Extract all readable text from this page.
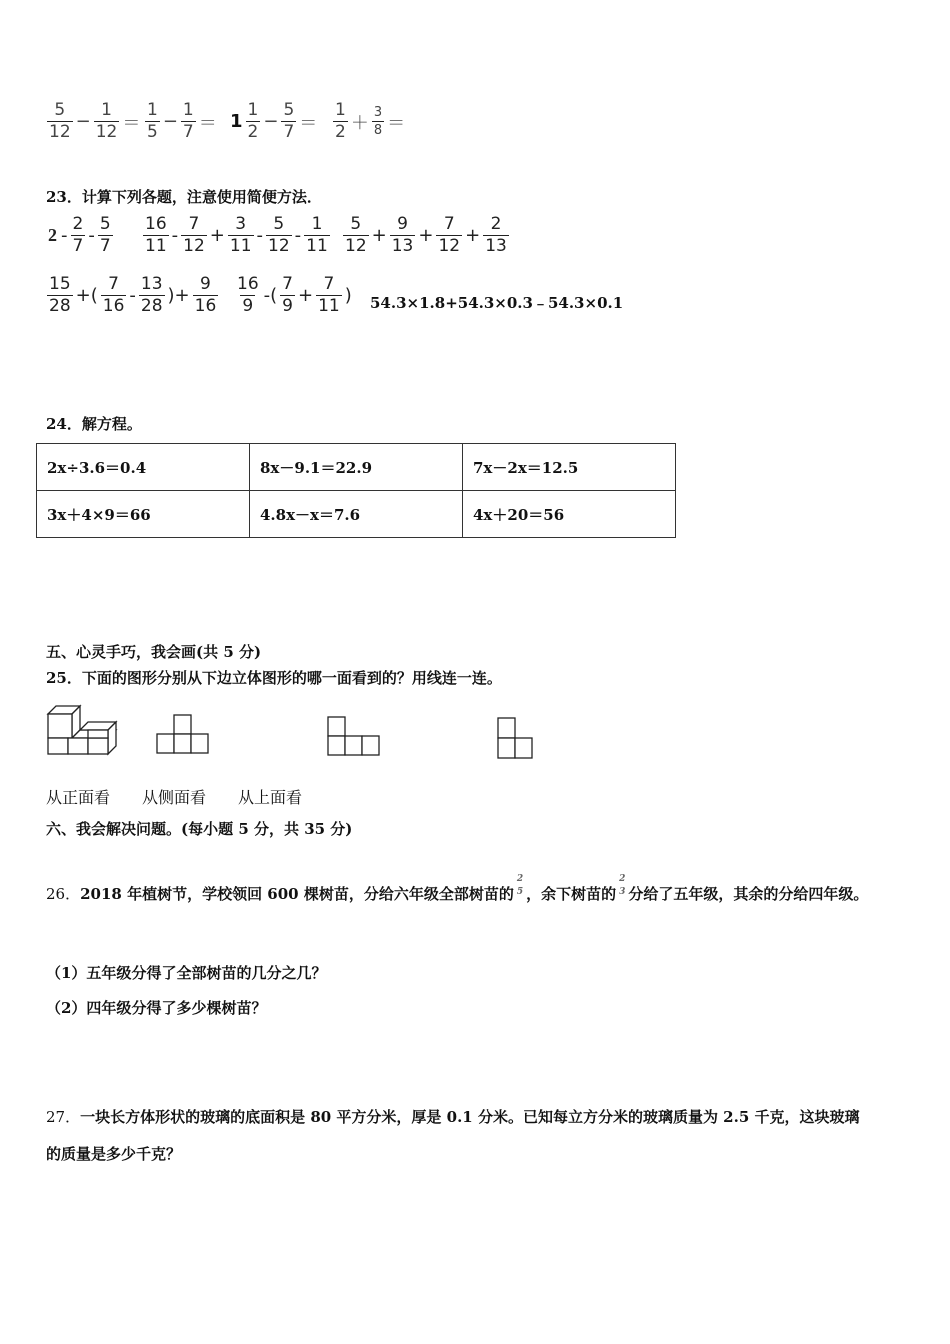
$\frac{5}{12} - \frac{1}{12} = \frac{1}{5} - \frac{1}{7} = 1 \frac{1}{2} - \frac{5}{7} = \frac{1}{2} + \frac{3}{8}$ ＝
23．计算下列各题，注意使用简便方法．
$2 - \frac{2}{7} - \frac{5}{7} \frac{16}{11} - \frac{7}{12} + \frac{3}{11} - \frac{5}{12} - \frac{1}{11} \frac{5}{12} + \frac{9}{13} + \frac{7}{12} + \frac{2}{13}$
$\frac{15}{28}$ +( $\frac{7}{16} - \frac{13}{28}$ )+ $\frac{9}{16} \frac{16}{9}$ -( $\frac{7}{9} + \frac{7}{11}$ ) 54.3×1.8+54.3×0.3﹣54.3×0.1
24．解方程。
2x÷3.6＝0.4	8x－9.1＝22.9	7x－2x＝12.5
3x＋4×9＝66	4.8x－x＝7.6	4x＋20＝56
五、心灵手巧，我会画(共 5 分)
25．下面的图形分别从下边立体图形的哪一面看到的？用线连一连。
从正面看 从侧面看 从上面看
六、我会解决问题。(每小题 5 分，共 35 分)
26．2018 年植树节，学校领回 600 棵树苗，分给六年级全部树苗的
2
5 ，余下树苗的
2
3 分给了五年级，其余的分给四年级。
（1）五年级分得了全部树苗的几分之几？
（2）四年级分得了多少棵树苗？
27．一块长方体形状的玻璃的底面积是 80 平方分米，厚是 0.1 分米。已知每立方分米的玻璃质量为 2.5 千克，这块玻璃
的质量是多少千克？
